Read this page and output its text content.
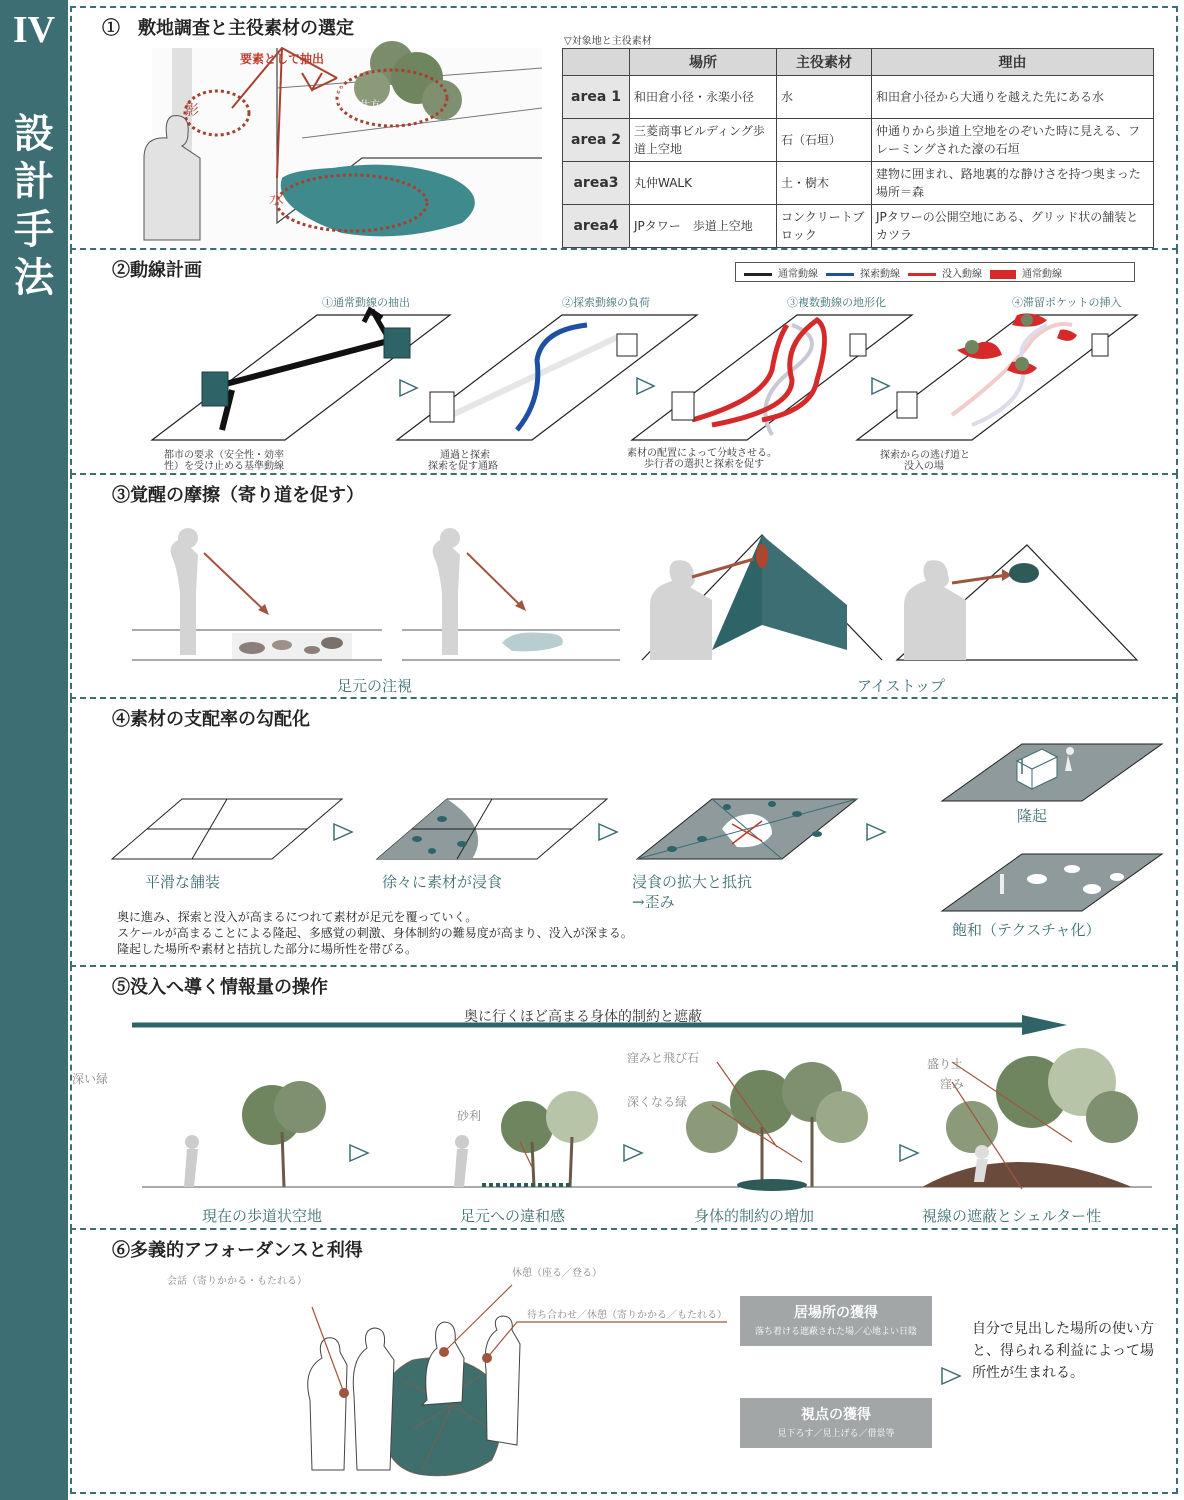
IV
設
計
手
法
①　敷地調査と主役素材の選定
要素として抽出
影
樹木
配置の仕方
水
▽対象地と主役素材
	場所	主役素材	理由
area 1	和田倉小径・永楽小径	水	和田倉小径から大通りを越えた先にある水
area 2	三菱商事ビルディング歩道上空地	石（石垣）	仲通りから歩道上空地をのぞいた時に見える、フレーミングされた濠の石垣
area3	丸仲WALK	土・樹木	建物に囲まれ、路地裏的な静けさを持つ奥まった場所＝森
area4	JPタワー　歩道上空地	コンクリートブロック	JPタワーの公開空地にある、グリッド状の舗装とカツラ
②動線計画	通常動線	探索動線	没入動線	通常動線
①通常動線の抽出	②探索動線の負荷	③複数動線の地形化	④滞留ポケットの挿入
都市の要求（安全性・効率
性）を受け止める基準動線
通過と探索
探索を促す通路
素材の配置によって分岐させる。
歩行者の選択と探索を促す
探索からの逃げ道と
没入の場
③覚醒の摩擦（寄り道を促す）
足元の注視	アイストップ
④素材の支配率の勾配化
平滑な舗装	徐々に素材が浸食	浸食の拡大と抵抗
→歪み
隆起
飽和（テクスチャ化）
奥に進み、探索と没入が高まるにつれて素材が足元を覆っていく。
スケールが高まることによる隆起、多感覚の刺激、身体制約の難易度が高まり、没入が深まる。
隆起した場所や素材と拮抗した部分に場所性を帯びる。
⑤没入へ導く情報量の操作
奥に行くほど高まる身体的制約と遮蔽
深い緑
砂利
窪みと飛び石
深くなる緑
盛り土
窪み
現在の歩道状空地	足元への違和感	身体的制約の増加	視線の遮蔽とシェルター性
⑥多義的アフォーダンスと利得
会話（寄りかかる・もたれる）
休憩（座る／登る）
待ち合わせ／休憩（寄りかかる／もたれる）	居場所の獲得
落ち着ける遮蔽された場／心地よい日陰
視点の獲得
見下ろす／見上げる／借景等
自分で見出した場所の使い方と、得られる利益によって場所性が生まれる。
